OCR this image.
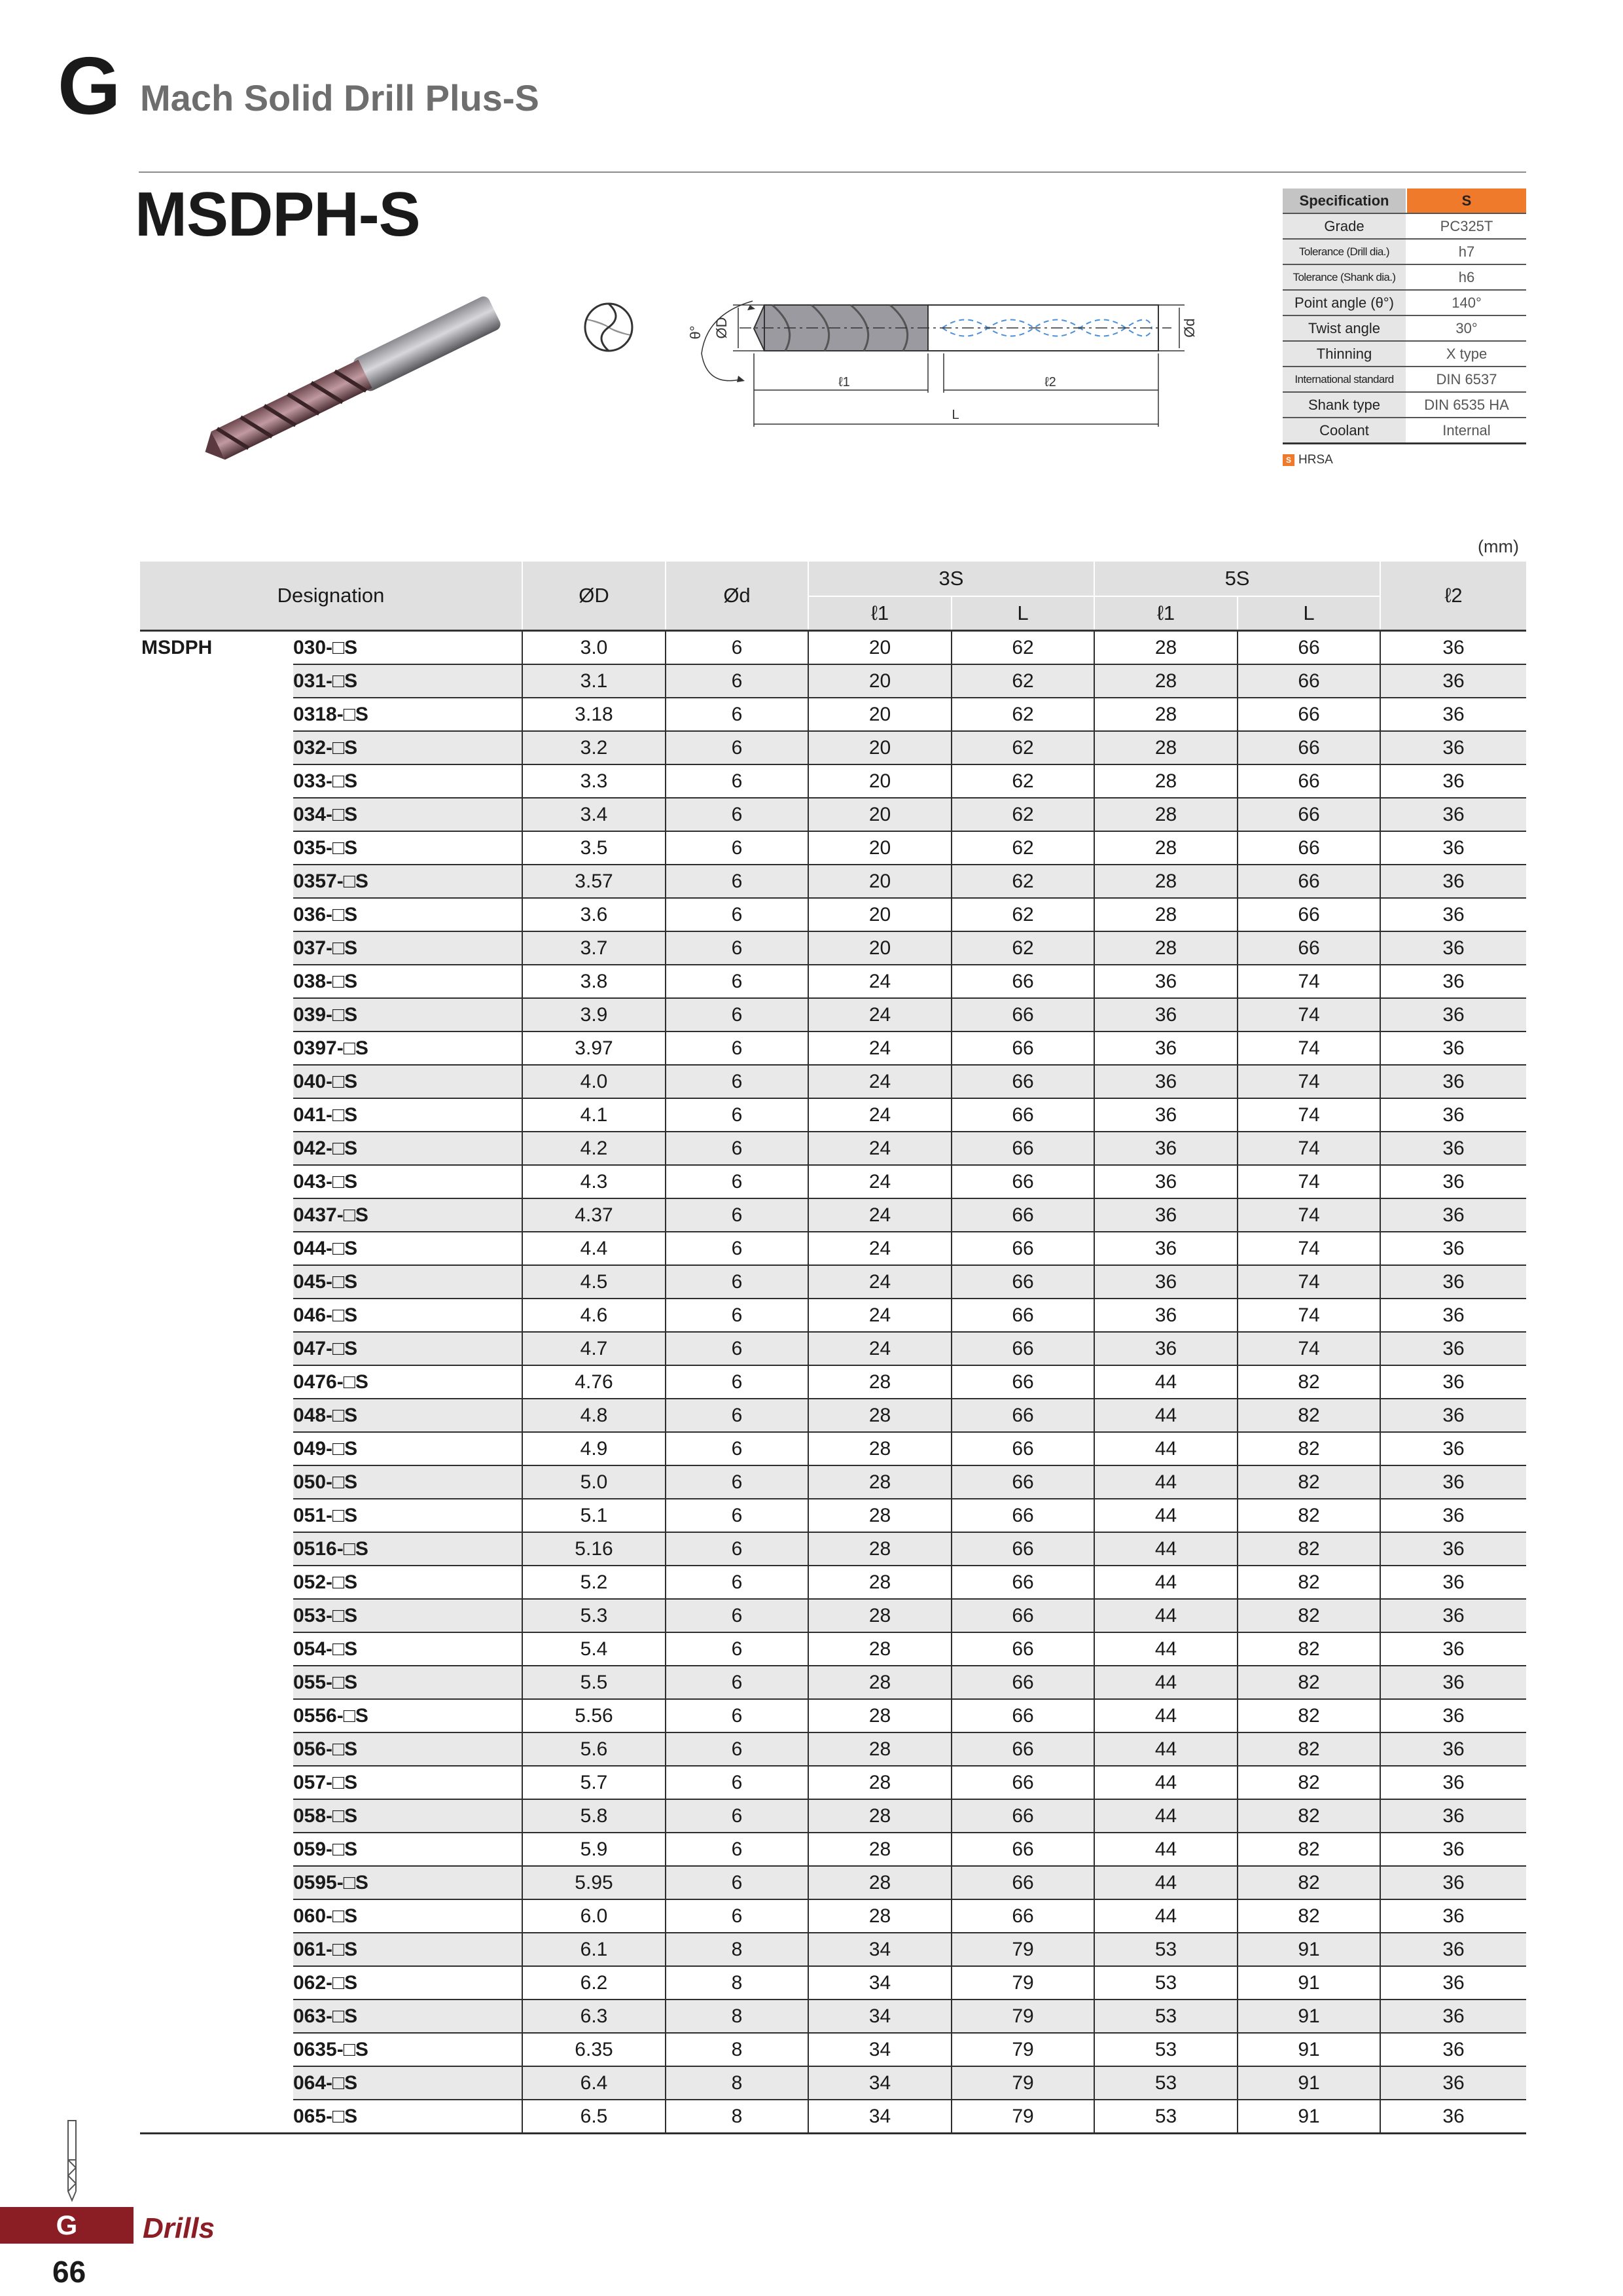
G Mach Solid Drill Plus-S
MSDPH-S
θ° ØD	Ød
ℓ1	ℓ2
L
Specification	S
Grade	PC325T
Tolerance (Drill dia.)	h7
Tolerance (Shank dia.)	h6
Point angle (θ°)	140°
Twist angle	30°
Thinning	X type
International standard	DIN 6537
Shank type	DIN 6535 HA
Coolant	Internal
S HRSA
(mm)
Designation		ØD	Ød	3S		5S		ℓ2
				ℓ1	L	ℓ1	L	
MSDPH	030-□S	3.0	6	20	62	28	66	36
	031-□S	3.1	6	20	62	28	66	36
	0318-□S	3.18	6	20	62	28	66	36
	032-□S	3.2	6	20	62	28	66	36
	033-□S	3.3	6	20	62	28	66	36
	034-□S	3.4	6	20	62	28	66	36
	035-□S	3.5	6	20	62	28	66	36
	0357-□S	3.57	6	20	62	28	66	36
	036-□S	3.6	6	20	62	28	66	36
	037-□S	3.7	6	20	62	28	66	36
	038-□S	3.8	6	24	66	36	74	36
	039-□S	3.9	6	24	66	36	74	36
	0397-□S	3.97	6	24	66	36	74	36
	040-□S	4.0	6	24	66	36	74	36
	041-□S	4.1	6	24	66	36	74	36
	042-□S	4.2	6	24	66	36	74	36
	043-□S	4.3	6	24	66	36	74	36
	0437-□S	4.37	6	24	66	36	74	36
	044-□S	4.4	6	24	66	36	74	36
	045-□S	4.5	6	24	66	36	74	36
	046-□S	4.6	6	24	66	36	74	36
	047-□S	4.7	6	24	66	36	74	36
	0476-□S	4.76	6	28	66	44	82	36
	048-□S	4.8	6	28	66	44	82	36
	049-□S	4.9	6	28	66	44	82	36
	050-□S	5.0	6	28	66	44	82	36
	051-□S	5.1	6	28	66	44	82	36
	0516-□S	5.16	6	28	66	44	82	36
	052-□S	5.2	6	28	66	44	82	36
	053-□S	5.3	6	28	66	44	82	36
	054-□S	5.4	6	28	66	44	82	36
	055-□S	5.5	6	28	66	44	82	36
	0556-□S	5.56	6	28	66	44	82	36
	056-□S	5.6	6	28	66	44	82	36
	057-□S	5.7	6	28	66	44	82	36
	058-□S	5.8	6	28	66	44	82	36
	059-□S	5.9	6	28	66	44	82	36
	0595-□S	5.95	6	28	66	44	82	36
	060-□S	6.0	6	28	66	44	82	36
	061-□S	6.1	8	34	79	53	91	36
	062-□S	6.2	8	34	79	53	91	36
	063-□S	6.3	8	34	79	53	91	36
	0635-□S	6.35	8	34	79	53	91	36
	064-□S	6.4	8	34	79	53	91	36
	065-□S	6.5	8	34	79	53	91	36
G	Drills
66
